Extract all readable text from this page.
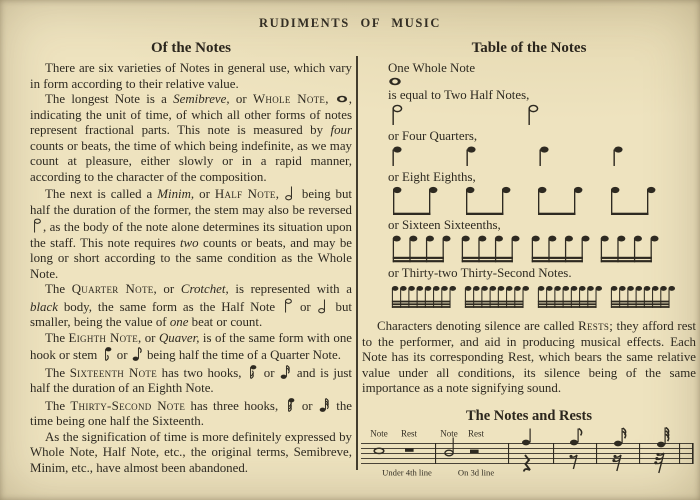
RUDIMENTS OF MUSIC
Of the Notes

There are six varieties of Notes in general use, which vary in form according to their relative value.

The longest Note is a Semibreve, or Whole Note, , indicating the unit of time, of which all other forms of notes represent fractional parts. This note is measured by four counts or beats, the time of which being indefinite, as we may count at pleasure, either slowly or in a rapid manner, according to the character of the composition.

The next is called a Minim, or Half Note,  being but half the duration of the former, the stem may also be reversed , as the body of the note alone determines its situation upon the staff. This note requires two counts or beats, and may be long or short according to the same condition as the Whole Note.

The Quarter Note, or Crotchet, is represented with a black body, the same form as the Half Note  or  but smaller, being the value of one beat or count.

The Eighth Note, or Quaver, is of the same form with one hook or stem  or  being half the time of a Quarter Note.

The Sixteenth Note has two hooks,  or  and is just half the duration of an Eighth Note.

The Thirty-Second Note has three hooks,  or  the time being one half the Sixteenth.

As the signification of time is more definitely expressed by Whole Note, Half Note, etc., the original terms, Semibreve, Minim, etc., have almost been abandoned.

Table of the Notes
One Whole Note
is equal to Two Half Notes,
or Four Quarters,
or Eight Eighths,
or Sixteen Sixteenths,
or Thirty-two Thirty-Second Notes.

Characters denoting silence are called Rests; they afford rest to the performer, and aid in producing musical effects. Each Note has its corresponding Rest, which bears the same relative value under all conditions, its silence being of the same importance as a note signifying sound.

The Notes and Rests
Note Rest	Note Rest
Under 4th line	On 3d line
